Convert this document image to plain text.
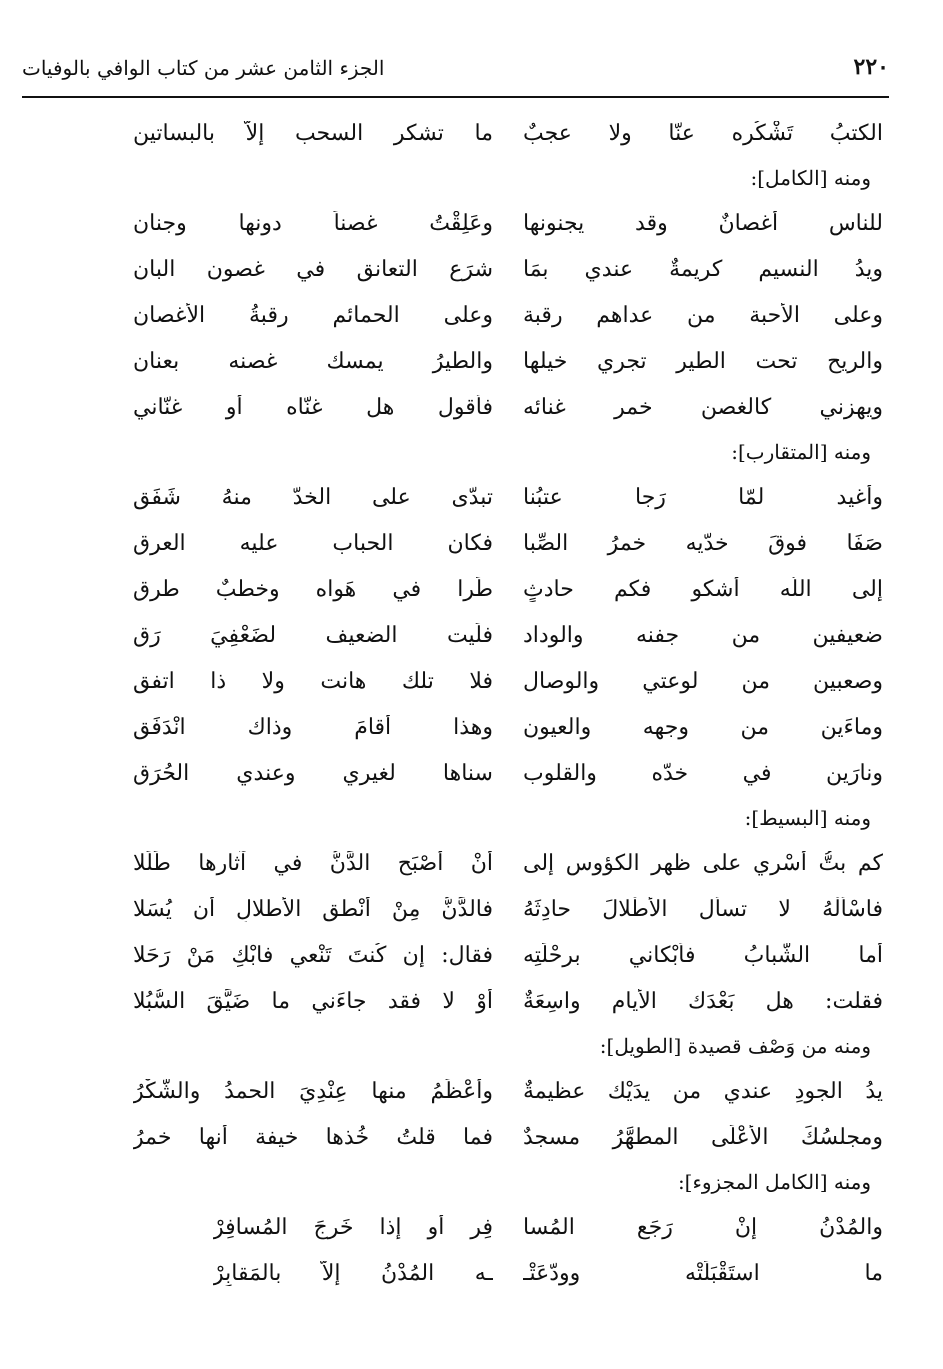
٢٢٠
الجزء الثامن عشر من كتاب الوافي بالوفيات
الكتبُ تَشْكُره عنّا ولا عجبٌ
ما تشكر السحب إلاَّ بالبساتين
ومنه [الكامل]:
للناس أغصانٌ وقد يجنونها
وعَلِقْتُ غصناً دونها وجنان
ويدُ النسيم كريمةٌ عندي بمَا
شرَع التعانق في غصون البان
وعلى الأحبة من عداهم رقبة
وعلى الحمائم رقبةُ الأغصان
والريح تحت الطير تجري خيلها
والطيرُ يمسك غصنه بعنان
ويهزني كالغصن خمر غنائه
فأقول هل غنّاه أو غنّاني
ومنه [المتقارب]:
وأغيد لمّا رَجا عتبُنا
تبدّى على الخدّ منهُ شَفَق
صَفَا فوقَ خدّيه خمرُ الصِّبا
فكان الحباب عليه العرق
إلى اللّه أشكو فكم حادثٍ
طَرا في هَواه وخطبٌ طرق
ضعيفين من جفنه والوداد
فلَيت الضعيف لضَعْفِيَ رَق
وصعبين من لوعتي والوصال
فلا تلك هانت ولا ذا اتفق
وماءَين من وجهه والعيون
وهذا أقامَ وذاك انْدَفَق
ونارَين في خدّه والقلوب
سناها لغيري وعندي الحُرَق
ومنه [البسيط]:
كم بتُّ أسْري على ظهر الكؤوس إلى
أنْ أصْبَح الدَّنُّ في آثارها طَلَلا
فاسْألْهُ لا تسأل الأطْلالَ حادِثَهُ
فالدَّنُّ مِنْ أنْطقِ الأطلالِ أن يُسَلا
أما الشَّبابُ فأبْكاني برحْلَتِه
فقال: إن كُنتَ تَنْعي فابْكِ مَنْ رَحَلا
فقلت: هل بَعْدَك الأيامِ واسِعَةٌ
أوْ لا فقد جاءَني ما ضَيَّقَ السُّبُلا
ومنه من وَصْف قصيدة [الطويل]:
يدُ الجودِ عندي من يدَيْك عظيمةٌ
وأعْظَمُ منها عِنْدِيَ الحمدُ والشُّكْرُ
ومجلسُكَ الأعْلَى المطهَّرُ مسجدٌ
فما قلتُ خُذها خيفة أنها خمرُ
ومنه [الكامل المجزوء]:
والمُدْنُ إنْ رَجَع المُسا
فِر أو إذا خَرجَ المُسافِرْ
ما استَقْبَلَتْه وودّعَتْـ
ـه المُدْنُ إلاَّ بالمَقابِرْ
